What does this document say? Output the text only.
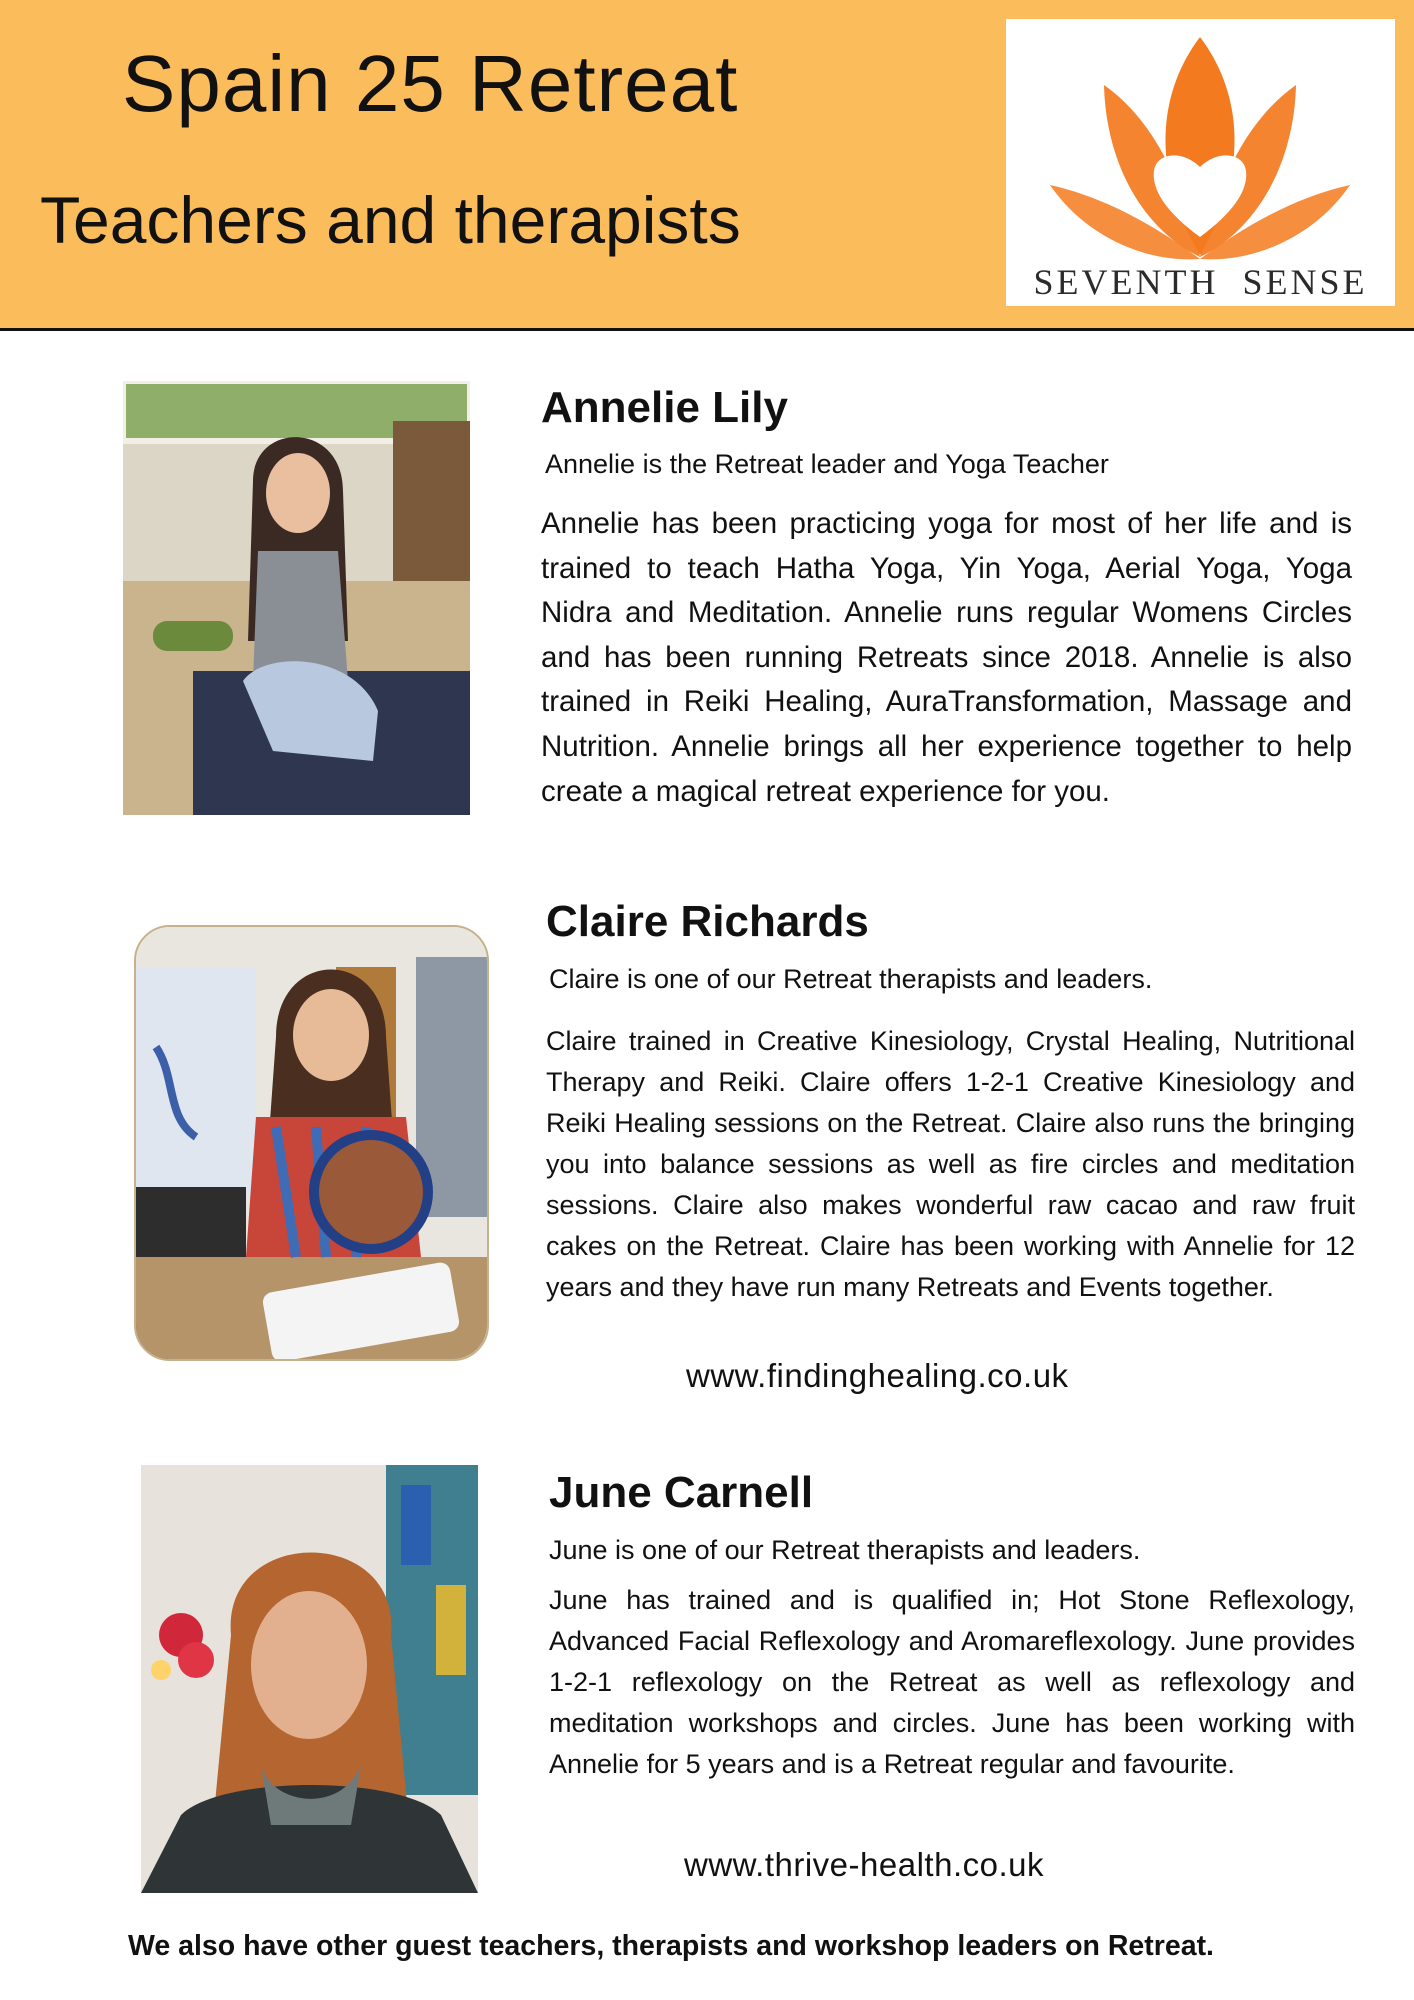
Spain 25 Retreat
Teachers and therapists
SEVENTH SENSE
Annelie Lily
Annelie is the Retreat leader and Yoga Teacher
Annelie has been practicing yoga for most of her life and is trained to teach Hatha Yoga, Yin Yoga, Aerial Yoga, Yoga Nidra and Meditation. Annelie runs regular Womens Circles and has been running Retreats since 2018. Annelie is also trained in Reiki Healing, AuraTransformation, Massage and Nutrition. Annelie brings all her experience together to help create a magical retreat experience for you.
Claire Richards
Claire is one of our Retreat therapists and leaders.
Claire trained in Creative Kinesiology, Crystal Healing, Nutritional Therapy and Reiki. Claire offers 1-2-1 Creative Kinesiology and Reiki Healing sessions on the Retreat. Claire also runs the bringing you into balance sessions as well as fire circles and meditation sessions. Claire also makes wonderful raw cacao and raw fruit cakes on the Retreat. Claire has been working with Annelie for 12 years and they have run many Retreats and Events together.
www.findinghealing.co.uk
June Carnell
June is one of our Retreat therapists and leaders.
June has trained and is qualified in; Hot Stone Reflexology, Advanced Facial Reflexology and Aromareflexology. June provides 1-2-1 reflexology on the Retreat as well as reflexology and meditation workshops and circles. June has been working with Annelie for 5 years and is a Retreat regular and favourite.
www.thrive-health.co.uk
We also have other guest teachers, therapists and workshop leaders on Retreat.
